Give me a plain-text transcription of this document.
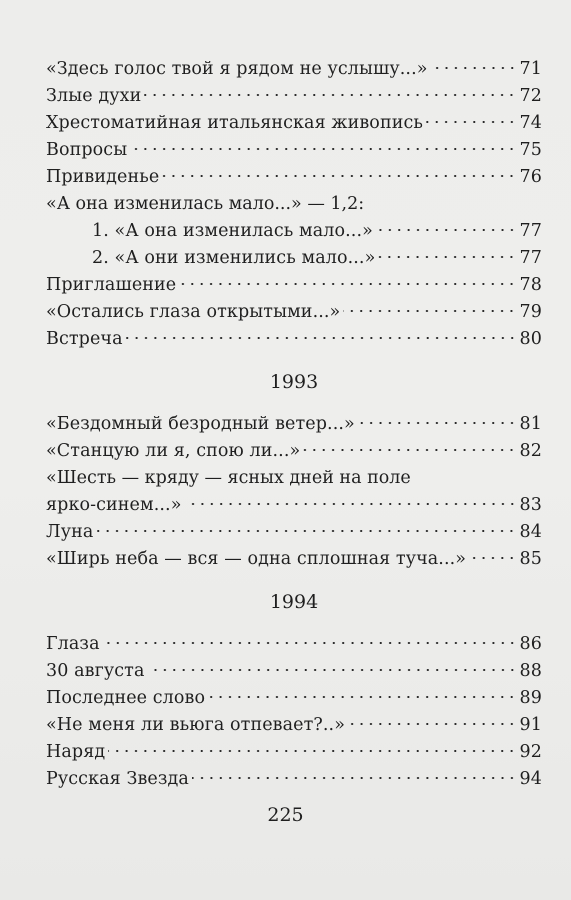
«Здесь голос твой я рядом не услышу...»	71
Злые духи	72
Хрестоматийная итальянская живопись	74
Вопросы	75
Привиденье	76
«А она изменилась мало...» — 1,2:
1. «А она изменилась мало...»	77
2. «А они изменились мало...»	77
Приглашение	78
«Остались глаза открытыми...»	79
Встреча	80
1993
«Бездомный безродный ветер...»	81
«Станцую ли я, спою ли...»	82
«Шесть — кряду — ясных дней на поле
ярко-синем...»	83
Луна	84
«Ширь неба — вся — одна сплошная туча...»	85
1994
Глаза	86
30 августа	88
Последнее слово	89
«Не меня ли вьюга отпевает?..»	91
Наряд	92
Русская Звезда	94
225
